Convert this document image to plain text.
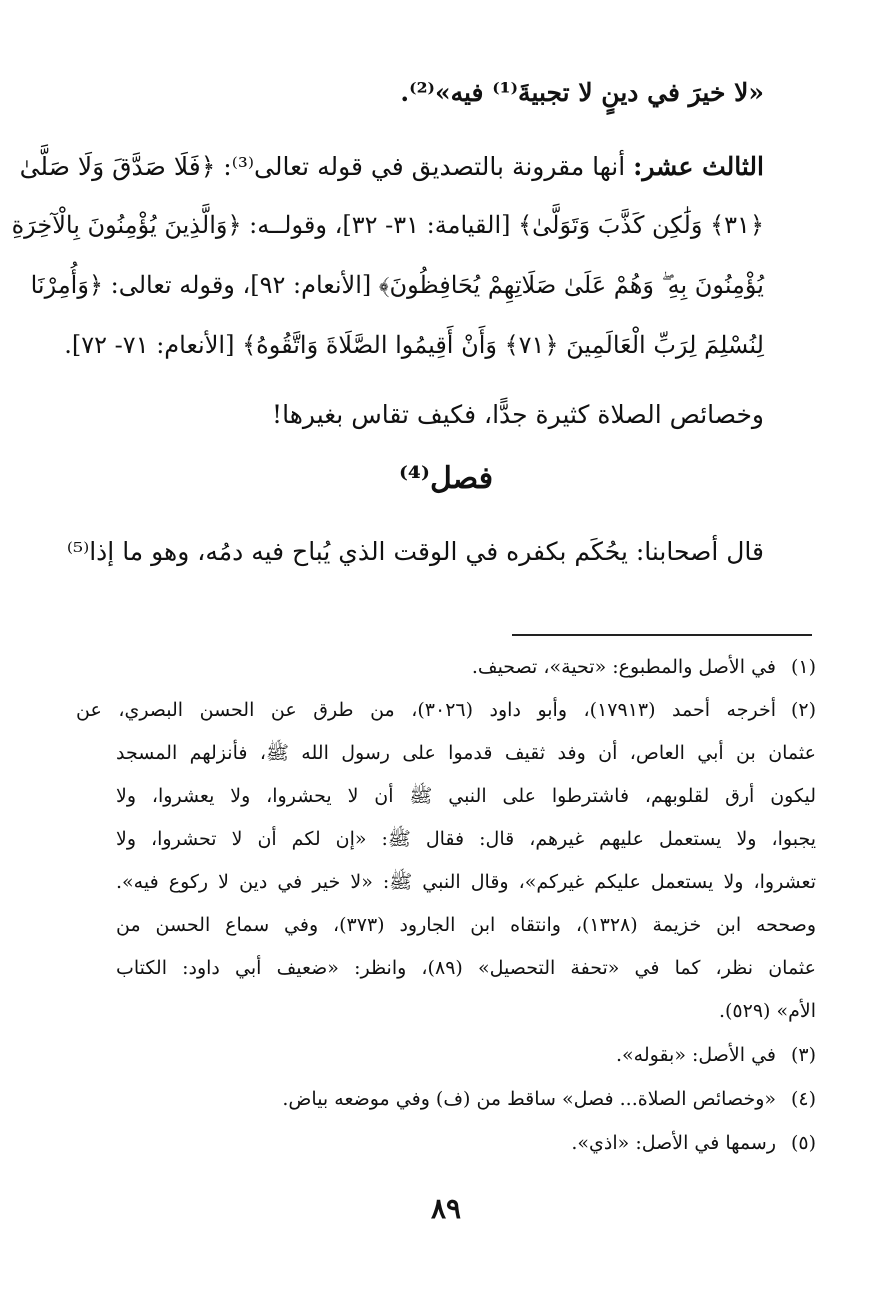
«لا خيرَ في دينٍ لا تجبيةَ⁽¹⁾ فيه»⁽²⁾.
الثالث عشر: أنها مقرونة بالتصديق في قوله تعالى⁽³⁾: ﴿فَلَا صَدَّقَ وَلَا صَلَّىٰ
﴿٣١﴾ وَلَٰكِن كَذَّبَ وَتَوَلَّىٰ﴾ [القيامة: ٣١- ٣٢]، وقولــه: ﴿وَالَّذِينَ يُؤْمِنُونَ بِالْآخِرَةِ
يُؤْمِنُونَ بِهِ ۖ وَهُمْ عَلَىٰ صَلَاتِهِمْ يُحَافِظُونَ﴾ [الأنعام: ٩٢]، وقوله تعالى: ﴿وَأُمِرْنَا
لِنُسْلِمَ لِرَبِّ الْعَالَمِينَ ﴿٧١﴾ وَأَنْ أَقِيمُوا الصَّلَاةَ وَاتَّقُوهُ﴾ [الأنعام: ٧١- ٧٢].
وخصائص الصلاة كثيرة جدًّا، فكيف تقاس بغيرها!
فصل⁽⁴⁾
قال أصحابنا: يحُكَم بكفره في الوقت الذي يُباح فيه دمُه، وهو ما إذا⁽⁵⁾
(١)
في الأصل والمطبوع: «تحية»، تصحيف.
(٢)
أخرجه أحمد (١٧٩١٣)، وأبو داود (٣٠٢٦)، من طرق عن الحسن البصري، عن
عثمان بن أبي العاص، أن وفد ثقيف قدموا على رسول الله ﷺ، فأنزلهم المسجد
ليكون أرق لقلوبهم، فاشترطوا على النبي ﷺ أن لا يحشروا، ولا يعشروا، ولا
يجبوا، ولا يستعمل عليهم غيرهم، قال: فقال ﷺ: «إن لكم أن لا تحشروا، ولا
تعشروا، ولا يستعمل عليكم غيركم»، وقال النبي ﷺ: «لا خير في دين لا ركوع فيه».
وصححه ابن خزيمة (١٣٢٨)، وانتقاه ابن الجارود (٣٧٣)، وفي سماع الحسن من
عثمان نظر، كما في «تحفة التحصيل» (٨٩)، وانظر: «ضعيف أبي داود: الكتاب
الأم» (٥٢٩).
(٣)
في الأصل: «بقوله».
(٤)
«وخصائص الصلاة... فصل» ساقط من (ف) وفي موضعه بياض.
(٥)
رسمها في الأصل: «اذي».
٨٩
